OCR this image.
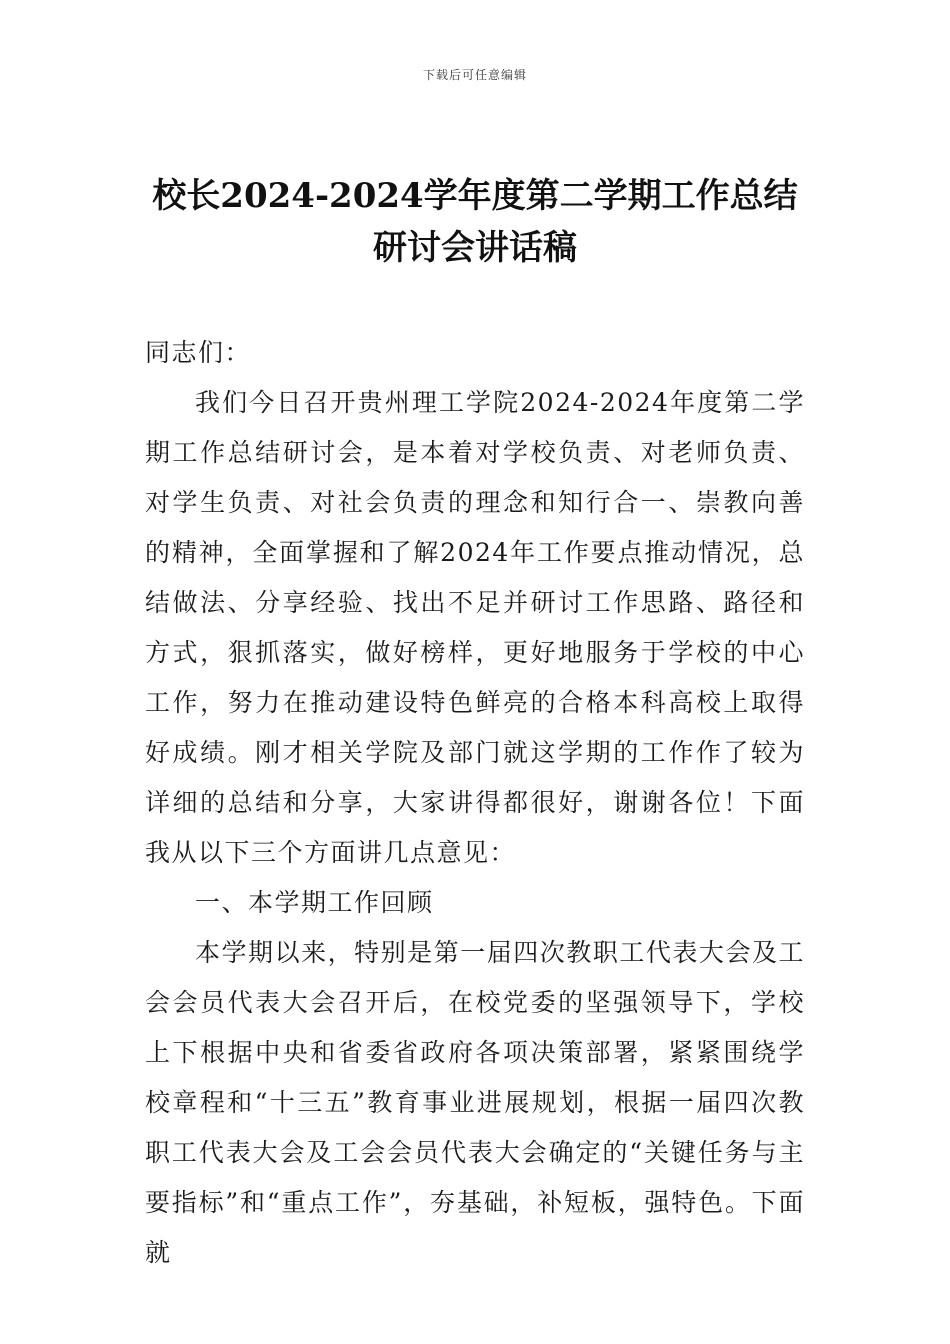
下载后可任意编辑
校长2024-2024学年度第二学期工作总结研讨会讲话稿

同志们：

我们今日召开贵州理工学院2024-2024年度第二学期工作总结研讨会，是本着对学校负责、对老师负责、对学生负责、对社会负责的理念和知行合一、崇教向善的精神，全面掌握和了解2024年工作要点推动情况，总结做法、分享经验、找出不足并研讨工作思路、路径和方式，狠抓落实，做好榜样，更好地服务于学校的中心工作，努力在推动建设特色鲜亮的合格本科高校上取得好成绩。刚才相关学院及部门就这学期的工作作了较为详细的总结和分享，大家讲得都很好，谢谢各位！下面我从以下三个方面讲几点意见：

一、本学期工作回顾

本学期以来，特别是第一届四次教职工代表大会及工会会员代表大会召开后，在校党委的坚强领导下，学校上下根据中央和省委省政府各项决策部署，紧紧围绕学校章程和“十三五”教育事业进展规划，根据一届四次教职工代表大会及工会会员代表大会确定的“关键任务与主要指标”和“重点工作”，夯基础，补短板，强特色。下面就
